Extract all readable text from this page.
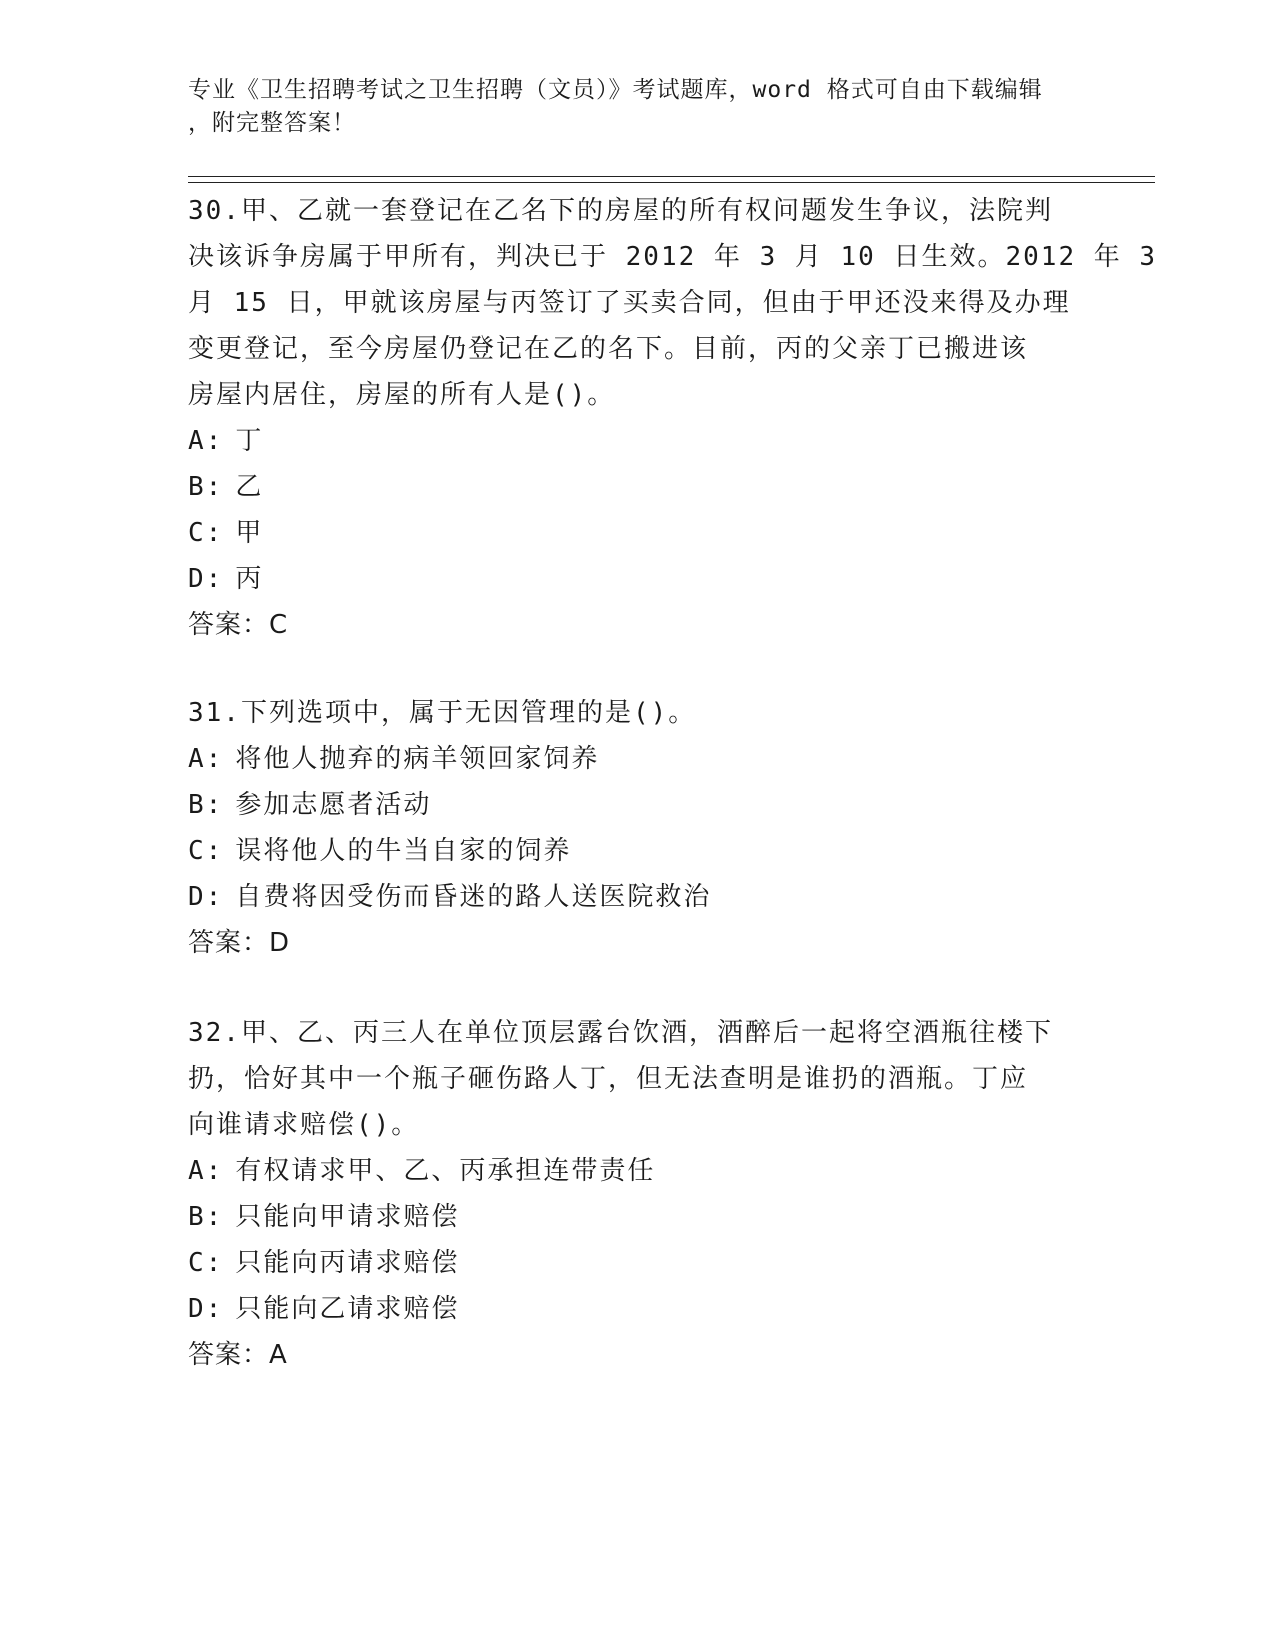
专业《卫生招聘考试之卫生招聘（文员）》考试题库，word 格式可自由下载编辑
，附完整答案！
30.甲、乙就一套登记在乙名下的房屋的所有权问题发生争议，法院判
决该诉争房属于甲所有，判决已于 2012 年 3 月 10 日生效。2012 年 3
月 15 日，甲就该房屋与丙签订了买卖合同，但由于甲还没来得及办理
变更登记，至今房屋仍登记在乙的名下。目前，丙的父亲丁已搬进该
房屋内居住，房屋的所有人是()。
A: 丁
B: 乙
C: 甲
D: 丙
答案：C
31.下列选项中，属于无因管理的是()。
A: 将他人抛弃的病羊领回家饲养
B: 参加志愿者活动
C: 误将他人的牛当自家的饲养
D: 自费将因受伤而昏迷的路人送医院救治
答案：D
32.甲、乙、丙三人在单位顶层露台饮酒，酒醉后一起将空酒瓶往楼下
扔，恰好其中一个瓶子砸伤路人丁，但无法查明是谁扔的酒瓶。丁应
向谁请求赔偿()。
A: 有权请求甲、乙、丙承担连带责任
B: 只能向甲请求赔偿
C: 只能向丙请求赔偿
D: 只能向乙请求赔偿
答案：A
